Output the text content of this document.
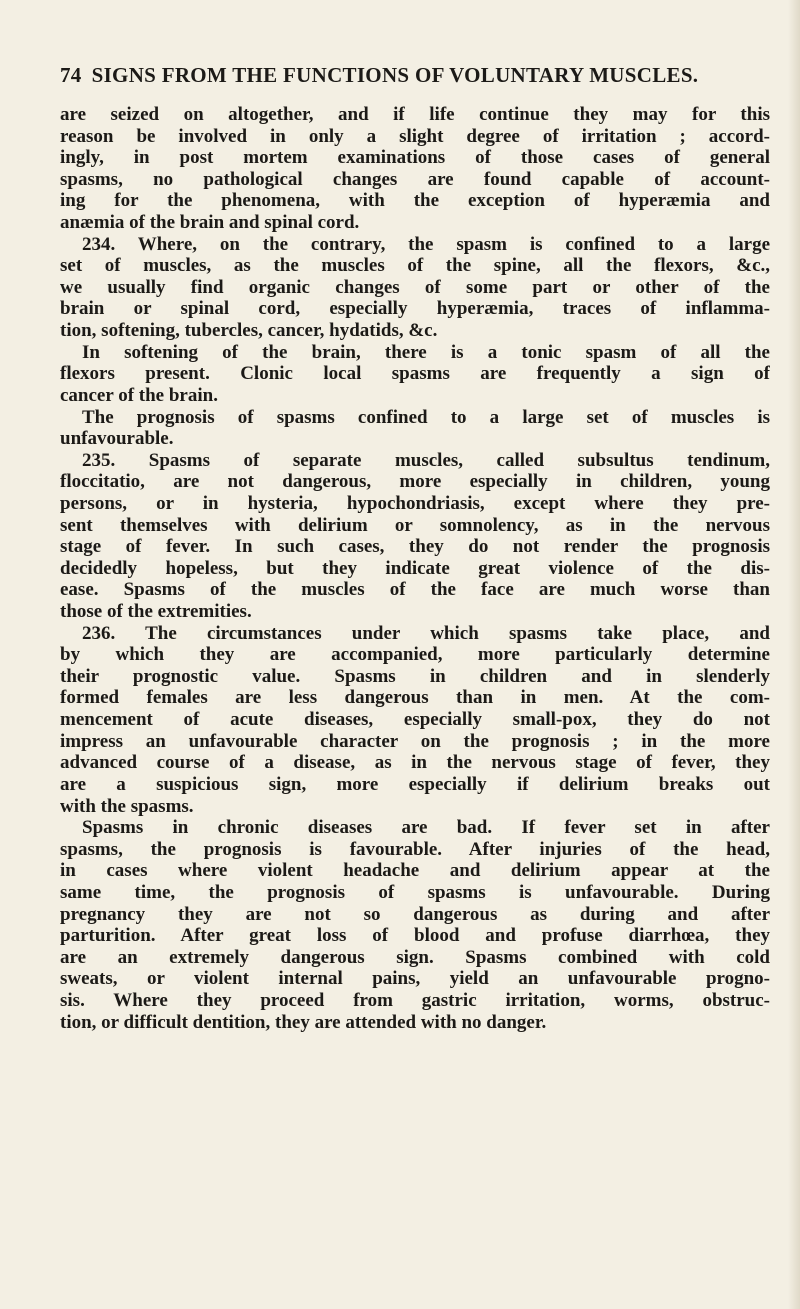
74 SIGNS FROM THE FUNCTIONS OF VOLUNTARY MUSCLES.
are seized on altogether, and if life continue they may for this
reason be involved in only a slight degree of irritation ; accord-
ingly, in post mortem examinations of those cases of general
spasms, no pathological changes are found capable of account-
ing for the phenomena, with the exception of hyperæmia and
anæmia of the brain and spinal cord.
234. Where, on the contrary, the spasm is confined to a large
set of muscles, as the muscles of the spine, all the flexors, &c.,
we usually find organic changes of some part or other of the
brain or spinal cord, especially hyperæmia, traces of inflamma-
tion, softening, tubercles, cancer, hydatids, &c.
In softening of the brain, there is a tonic spasm of all the
flexors present. Clonic local spasms are frequently a sign of
cancer of the brain.
The prognosis of spasms confined to a large set of muscles is
unfavourable.
235. Spasms of separate muscles, called subsultus tendinum,
floccitatio, are not dangerous, more especially in children, young
persons, or in hysteria, hypochondriasis, except where they pre-
sent themselves with delirium or somnolency, as in the nervous
stage of fever. In such cases, they do not render the prognosis
decidedly hopeless, but they indicate great violence of the dis-
ease. Spasms of the muscles of the face are much worse than
those of the extremities.
236. The circumstances under which spasms take place, and
by which they are accompanied, more particularly determine
their prognostic value. Spasms in children and in slenderly
formed females are less dangerous than in men. At the com-
mencement of acute diseases, especially small-pox, they do not
impress an unfavourable character on the prognosis ; in the more
advanced course of a disease, as in the nervous stage of fever, they
are a suspicious sign, more especially if delirium breaks out
with the spasms.
Spasms in chronic diseases are bad. If fever set in after
spasms, the prognosis is favourable. After injuries of the head,
in cases where violent headache and delirium appear at the
same time, the prognosis of spasms is unfavourable. During
pregnancy they are not so dangerous as during and after
parturition. After great loss of blood and profuse diarrhœa, they
are an extremely dangerous sign. Spasms combined with cold
sweats, or violent internal pains, yield an unfavourable progno-
sis. Where they proceed from gastric irritation, worms, obstruc-
tion, or difficult dentition, they are attended with no danger.
